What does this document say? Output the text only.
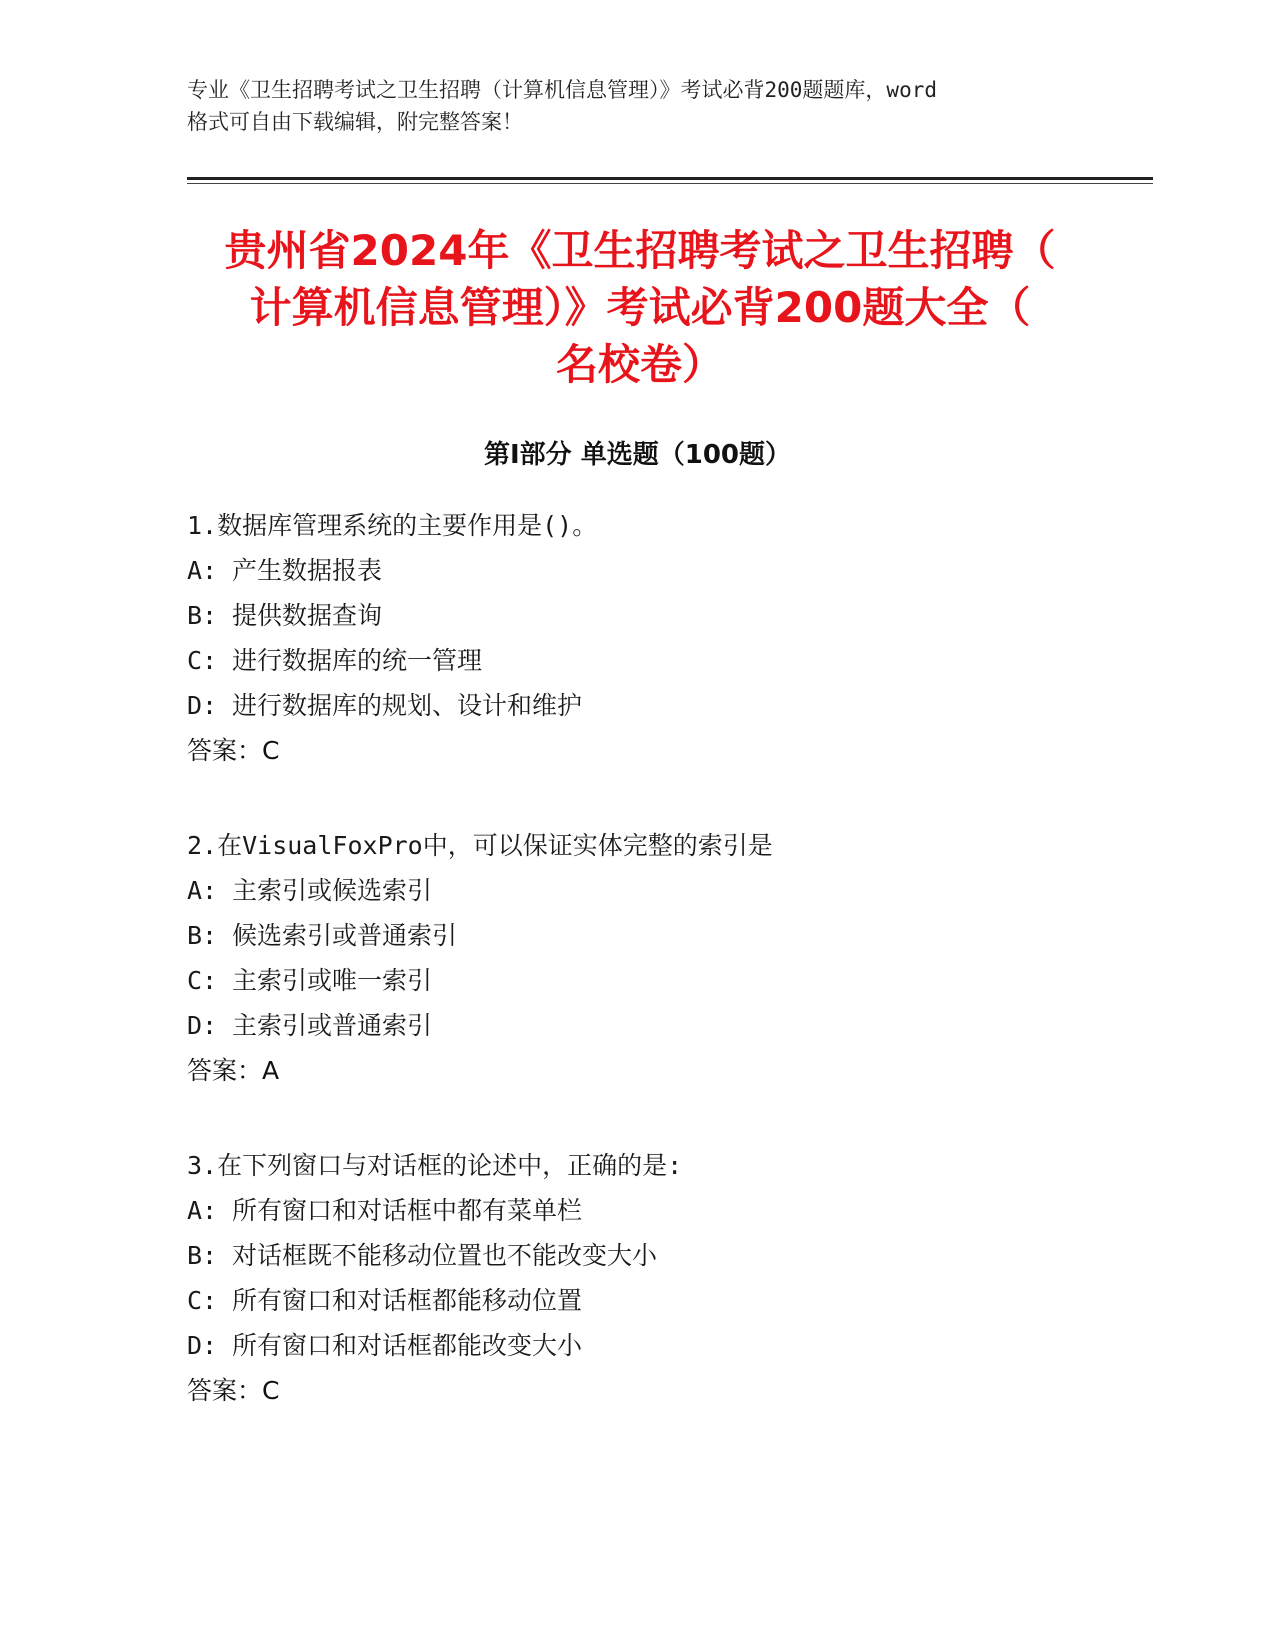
专业《卫生招聘考试之卫生招聘（计算机信息管理）》考试必背200题题库，word
格式可自由下载编辑，附完整答案！
贵州省2024年《卫生招聘考试之卫生招聘（
计算机信息管理）》考试必背200题大全（
名校卷）
第I部分 单选题（100题）
1.数据库管理系统的主要作用是()。
A: 产生数据报表
B: 提供数据查询
C: 进行数据库的统一管理
D: 进行数据库的规划、设计和维护
答案：C
2.在VisualFoxPro中，可以保证实体完整的索引是
A: 主索引或候选索引
B: 候选索引或普通索引
C: 主索引或唯一索引
D: 主索引或普通索引
答案：A
3.在下列窗口与对话框的论述中，正确的是:
A: 所有窗口和对话框中都有菜单栏
B: 对话框既不能移动位置也不能改变大小
C: 所有窗口和对话框都能移动位置
D: 所有窗口和对话框都能改变大小
答案：C
